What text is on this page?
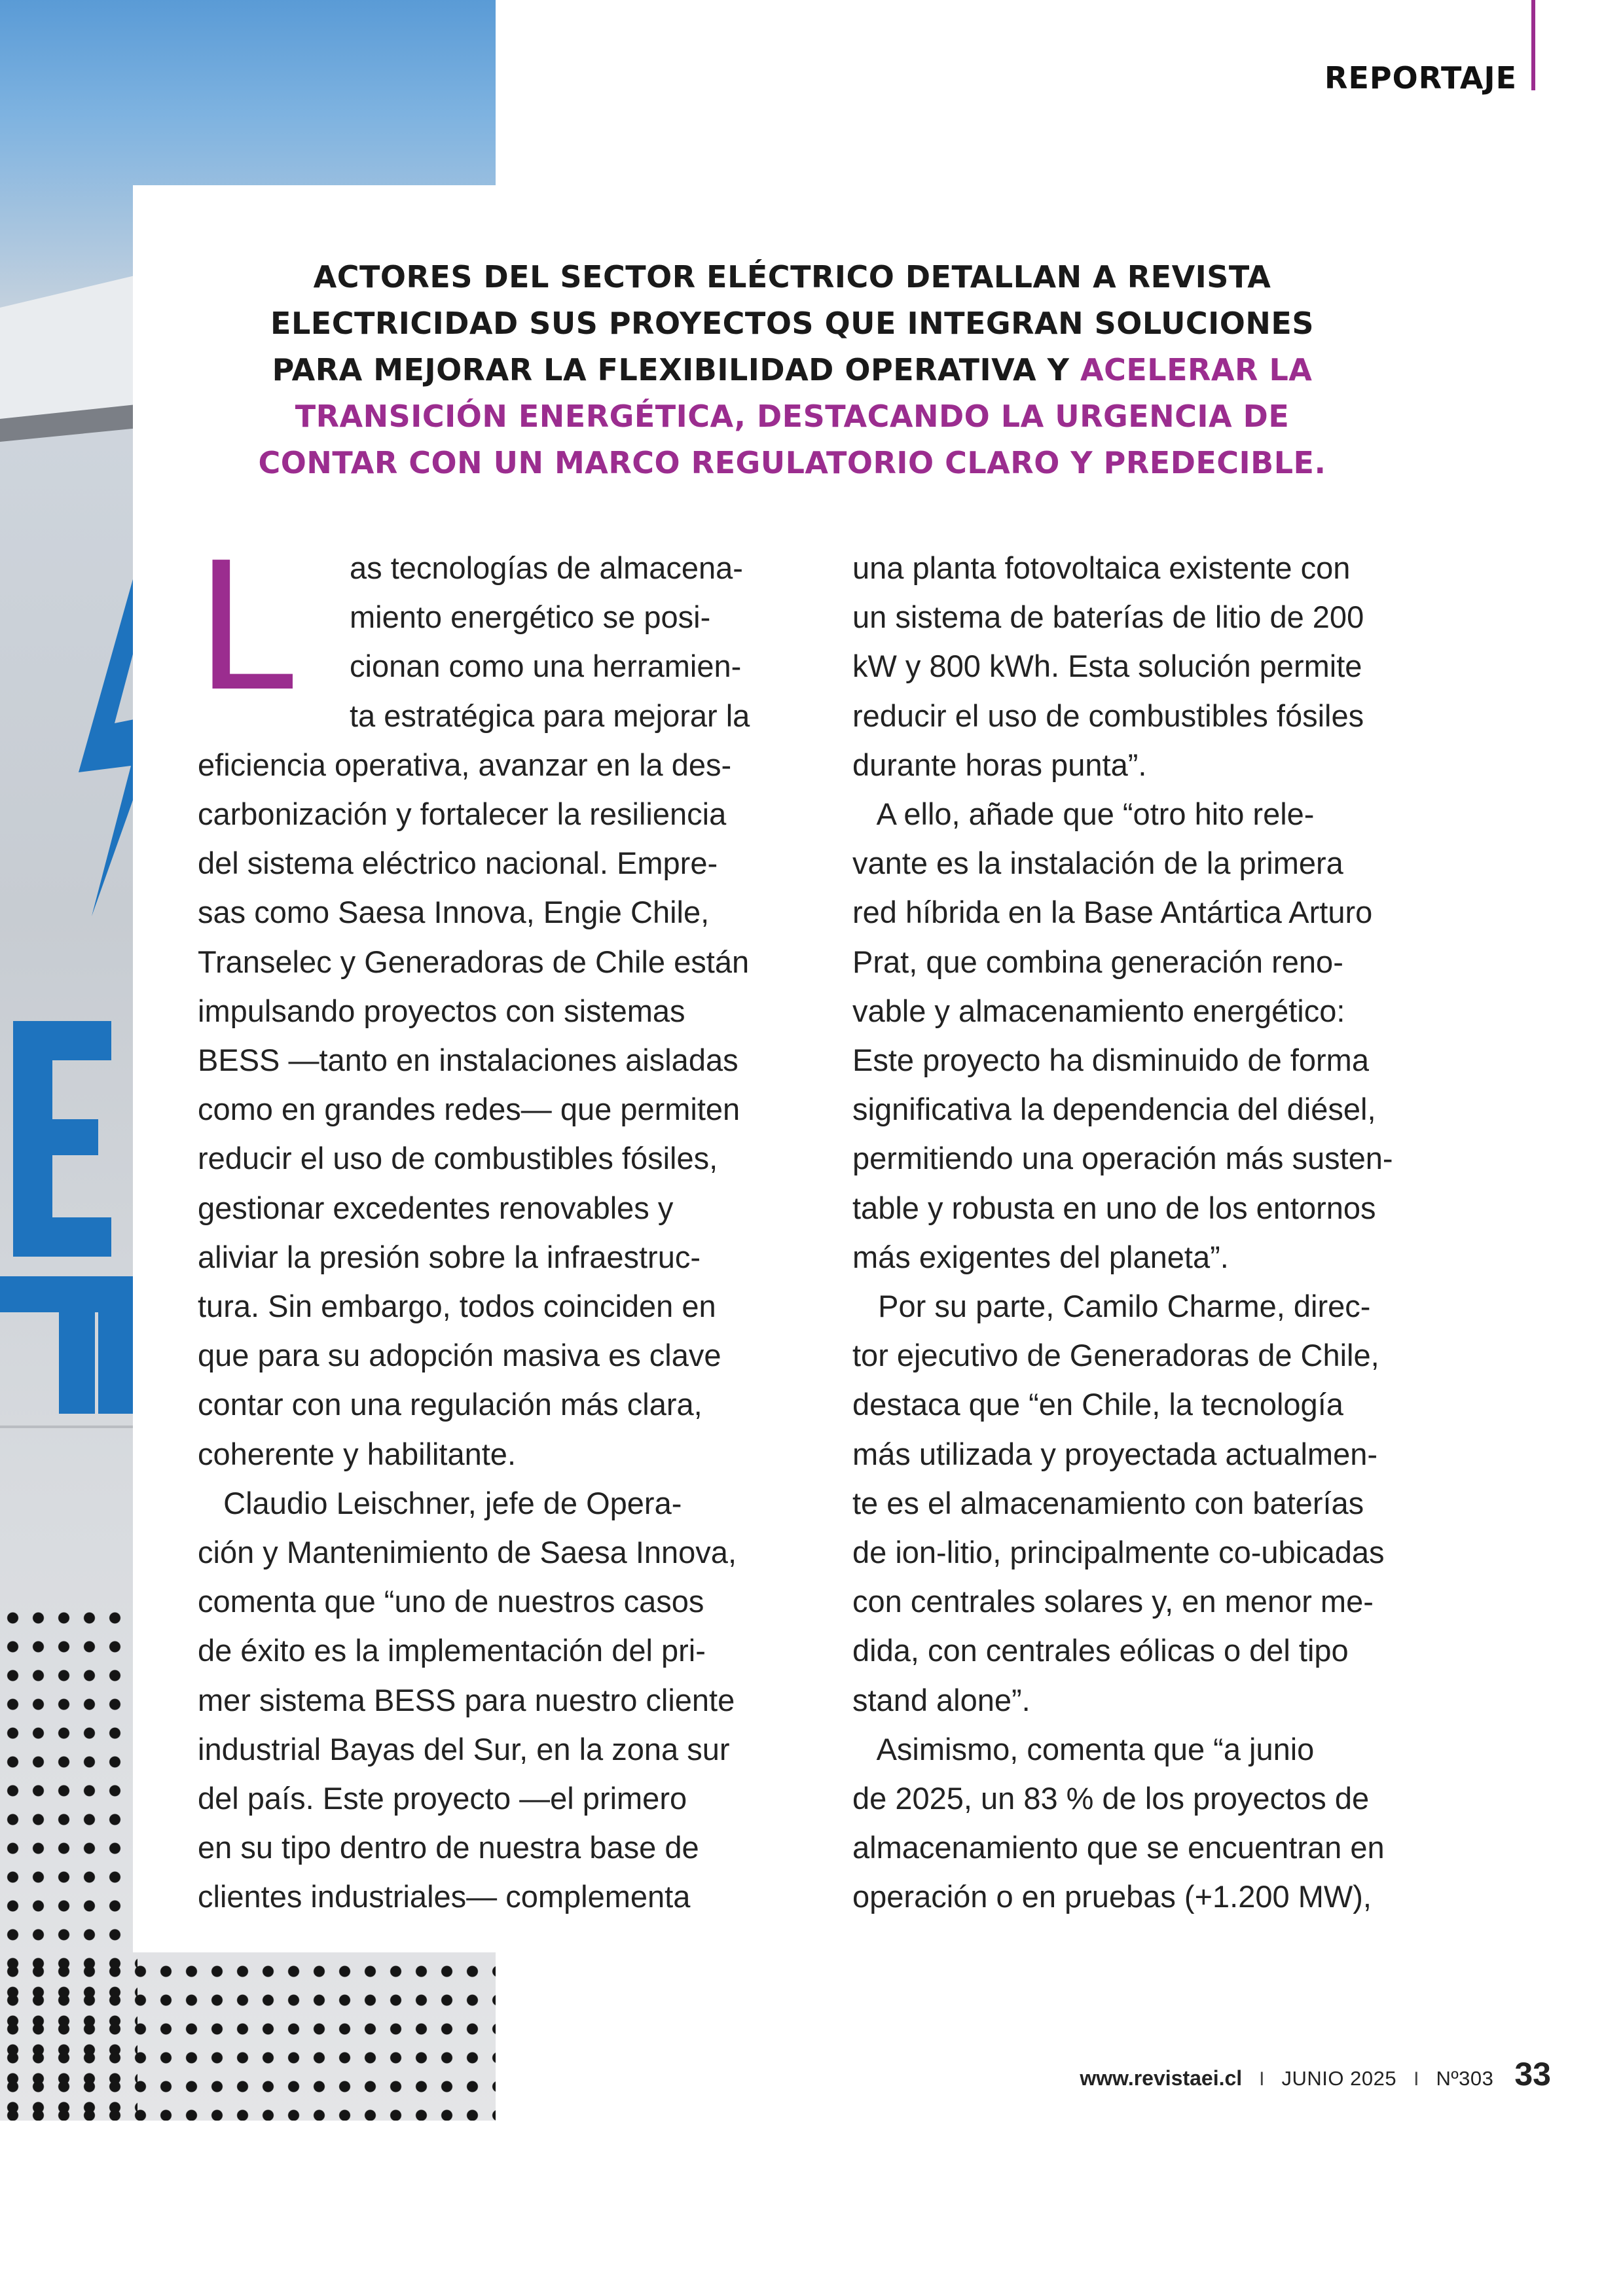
REPORTAJE
ACTORES DEL SECTOR ELÉCTRICO DETALLAN A REVISTA ELECTRICIDAD SUS PROYECTOS QUE INTEGRAN SOLUCIONES PARA MEJORAR LA FLEXIBILIDAD OPERATIVA Y ACELERAR LA TRANSICIÓN ENERGÉTICA, DESTACANDO LA URGENCIA DE CONTAR CON UN MARCO REGULATORIO CLARO Y PREDECIBLE.
L	as tecnologías de almacena-
miento energético se posi-
cionan como una herramien-
ta estratégica para mejorar la
eficiencia operativa, avanzar en la des-
carbonización y fortalecer la resiliencia
del sistema eléctrico nacional. Empre-
sas como Saesa Innova, Engie Chile,
Transelec y Generadoras de Chile están
impulsando proyectos con sistemas
BESS —tanto en instalaciones aisladas
como en grandes redes— que permiten
reducir el uso de combustibles fósiles,
gestionar excedentes renovables y
aliviar la presión sobre la infraestruc-
tura. Sin embargo, todos coinciden en
que para su adopción masiva es clave
contar con una regulación más clara,
coherente y habilitante.
Claudio Leischner, jefe de Opera-
ción y Mantenimiento de Saesa Innova,
comenta que “uno de nuestros casos
de éxito es la implementación del pri-
mer sistema BESS para nuestro cliente
industrial Bayas del Sur, en la zona sur
del país. Este proyecto —el primero
en su tipo dentro de nuestra base de
clientes industriales— complementa
una planta fotovoltaica existente con
un sistema de baterías de litio de 200
kW y 800 kWh. Esta solución permite
reducir el uso de combustibles fósiles
durante horas punta”.
A ello, añade que “otro hito rele-
vante es la instalación de la primera
red híbrida en la Base Antártica Arturo
Prat, que combina generación reno-
vable y almacenamiento energético:
Este proyecto ha disminuido de forma
significativa la dependencia del diésel,
permitiendo una operación más susten-
table y robusta en uno de los entornos
más exigentes del planeta”.
Por su parte, Camilo Charme, direc-
tor ejecutivo de Generadoras de Chile,
destaca que “en Chile, la tecnología
más utilizada y proyectada actualmen-
te es el almacenamiento con baterías
de ion-litio, principalmente co-ubicadas
con centrales solares y, en menor me-
dida, con centrales eólicas o del tipo
stand alone”.
Asimismo, comenta que “a junio
de 2025, un 83 % de los proyectos de
almacenamiento que se encuentran en
operación o en pruebas (+1.200 MW),
www.revistaei.cl I JUNIO 2025 I Nº303 33
